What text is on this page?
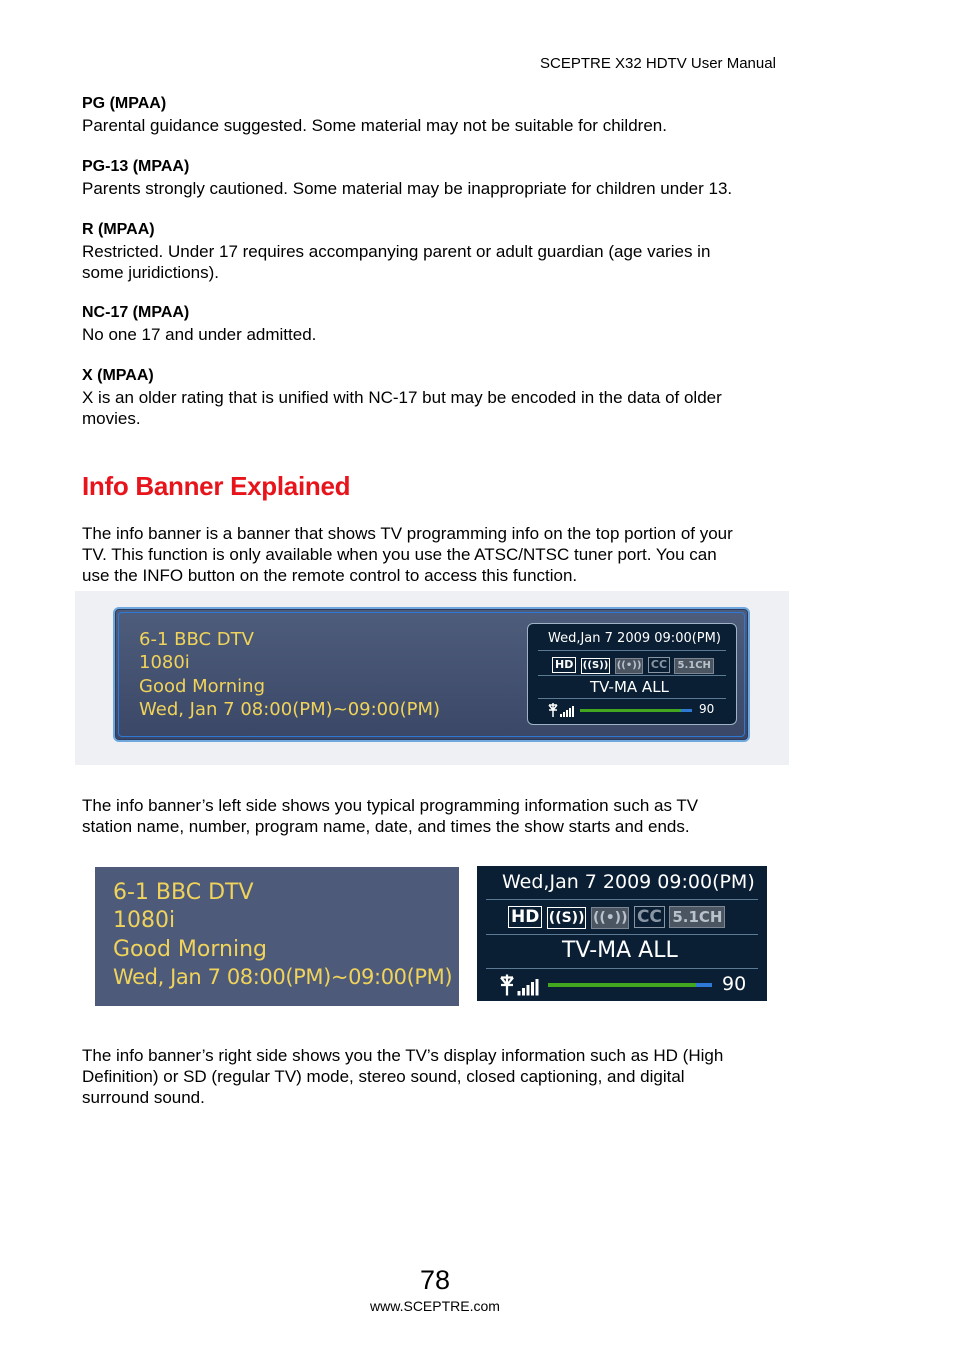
SCEPTRE X32 HDTV User Manual
PG (MPAA)
Parental guidance suggested. Some material may not be suitable for children.
PG-13 (MPAA)
Parents strongly cautioned. Some material may be inappropriate for children under 13.
R (MPAA)
Restricted. Under 17 requires accompanying parent or adult guardian (age varies in
some juridictions).
NC-17 (MPAA)
No one 17 and under admitted.
X (MPAA)
X is an older rating that is unified with NC-17 but may be encoded in the data of older
movies.
Info Banner Explained
The info banner is a banner that shows TV programming info on the top portion of your
TV. This function is only available when you use the ATSC/NTSC tuner port. You can
use the INFO button on the remote control to access this function.
6-1 BBC DTV
1080i
Good Morning
Wed, Jan 7 08:00(PM)~09:00(PM)
Wed,Jan 7 2009 09:00(PM)
HD ((S)) ((•)) CC 5.1CH
TV-MA ALL
90
The info banner’s left side shows you typical programming information such as TV
station name, number, program name, date, and times the show starts and ends.
6-1 BBC DTV
1080i
Good Morning
Wed, Jan 7 08:00(PM)~09:00(PM)
Wed,Jan 7 2009 09:00(PM)
HD ((S)) ((•)) CC 5.1CH
TV-MA ALL
90
The info banner’s right side shows you the TV’s display information such as HD (High
Definition) or SD (regular TV) mode, stereo sound, closed captioning, and digital
surround sound.
78
www.SCEPTRE.com
